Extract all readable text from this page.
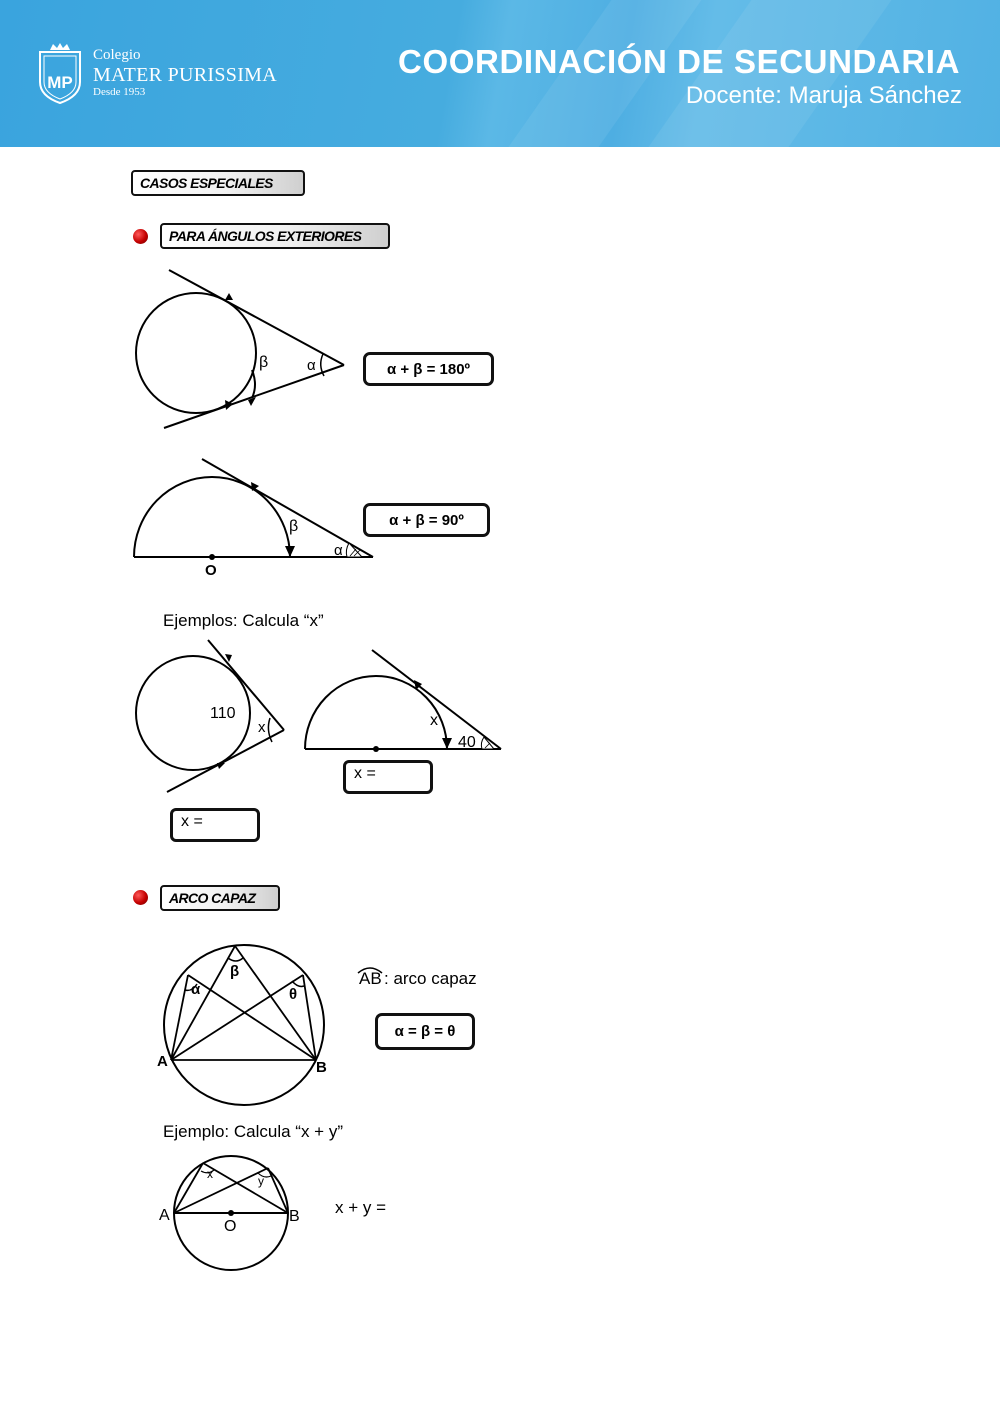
MP
Colegio
MATER PURISSIMA
Desde 1953
COORDINACIÓN DE SECUNDARIA
Docente: Maruja Sánchez
CASOS ESPECIALES
PARA ÁNGULOS EXTERIORES
β	α	α + β = 180º
β
α
O
α + β = 90º
Ejemplos: Calcula “x”
110
x
x =
x
40
x =
ARCO CAPAZ
α
β
θ
A	B
AB : arco capaz
α = β = θ
Ejemplo: Calcula “x + y”
x	y
A	B
O
x + y =
